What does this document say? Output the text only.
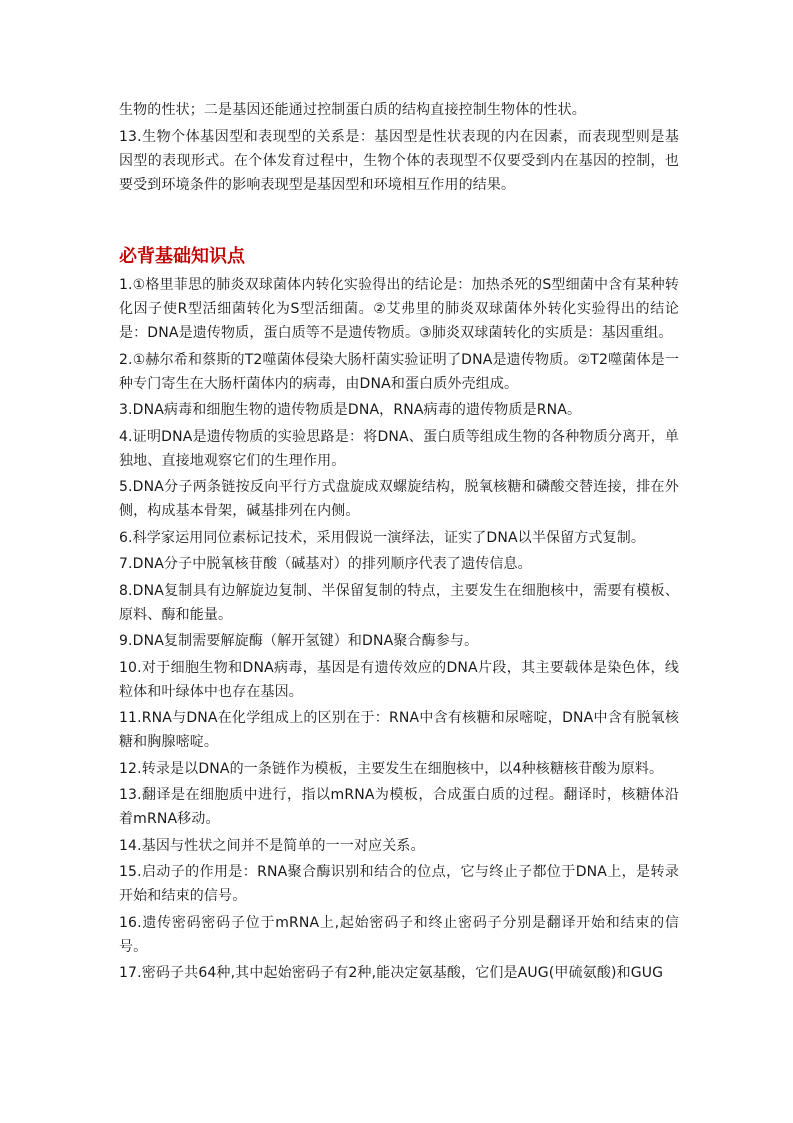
生物的性状；二是基因还能通过控制蛋白质的结构直接控制生物体的性状。

13.生物个体基因型和表现型的关系是：基因型是性状表现的内在因素，而表现型则是基因型的表现形式。在个体发育过程中，生物个体的表现型不仅要受到内在基因的控制，也要受到环境条件的影响表现型是基因型和环境相互作用的结果。

必背基础知识点

1.①格里菲思的肺炎双球菌体内转化实验得出的结论是：加热杀死的S型细菌中含有某种转化因子使R型活细菌转化为S型活细菌。②艾弗里的肺炎双球菌体外转化实验得出的结论是：DNA是遗传物质，蛋白质等不是遗传物质。③肺炎双球菌转化的实质是：基因重组。

2.①赫尔希和蔡斯的T2噬菌体侵染大肠杆菌实验证明了DNA是遗传物质。②T2噬菌体是一种专门寄生在大肠杆菌体内的病毒，由DNA和蛋白质外壳组成。

3.DNA病毒和细胞生物的遗传物质是DNA，RNA病毒的遗传物质是RNA。

4.证明DNA是遗传物质的实验思路是：将DNA、蛋白质等组成生物的各种物质分离开，单独地、直接地观察它们的生理作用。

5.DNA分子两条链按反向平行方式盘旋成双螺旋结构，脱氧核糖和磷酸交替连接，排在外侧，构成基本骨架，碱基排列在内侧。

6.科学家运用同位素标记技术，采用假说一演绎法，证实了DNA以半保留方式复制。

7.DNA分子中脱氧核苷酸（碱基对）的排列顺序代表了遗传信息。

8.DNA复制具有边解旋边复制、半保留复制的特点，主要发生在细胞核中，需要有模板、原料、酶和能量。

9.DNA复制需要解旋酶（解开氢键）和DNA聚合酶参与。

10.对于细胞生物和DNA病毒，基因是有遗传效应的DNA片段，其主要载体是染色体，线粒体和叶绿体中也存在基因。

11.RNA与DNA在化学组成上的区别在于：RNA中含有核糖和尿嘧啶，DNA中含有脱氧核糖和胸腺嘧啶。

12.转录是以DNA的一条链作为模板，主要发生在细胞核中，以4种核糖核苷酸为原料。

13.翻译是在细胞质中进行，指以mRNA为模板，合成蛋白质的过程。翻译时，核糖体沿着mRNA移动。

14.基因与性状之间并不是简单的一一对应关系。

15.启动子的作用是：RNA聚合酶识别和结合的位点，它与终止子都位于DNA上，是转录开始和结束的信号。

16.遗传密码密码子位于mRNA上,起始密码子和终止密码子分别是翻译开始和结束的信号。

17.密码子共64种,其中起始密码子有2种,能决定氨基酸，它们是AUG(甲硫氨酸)和GUG
